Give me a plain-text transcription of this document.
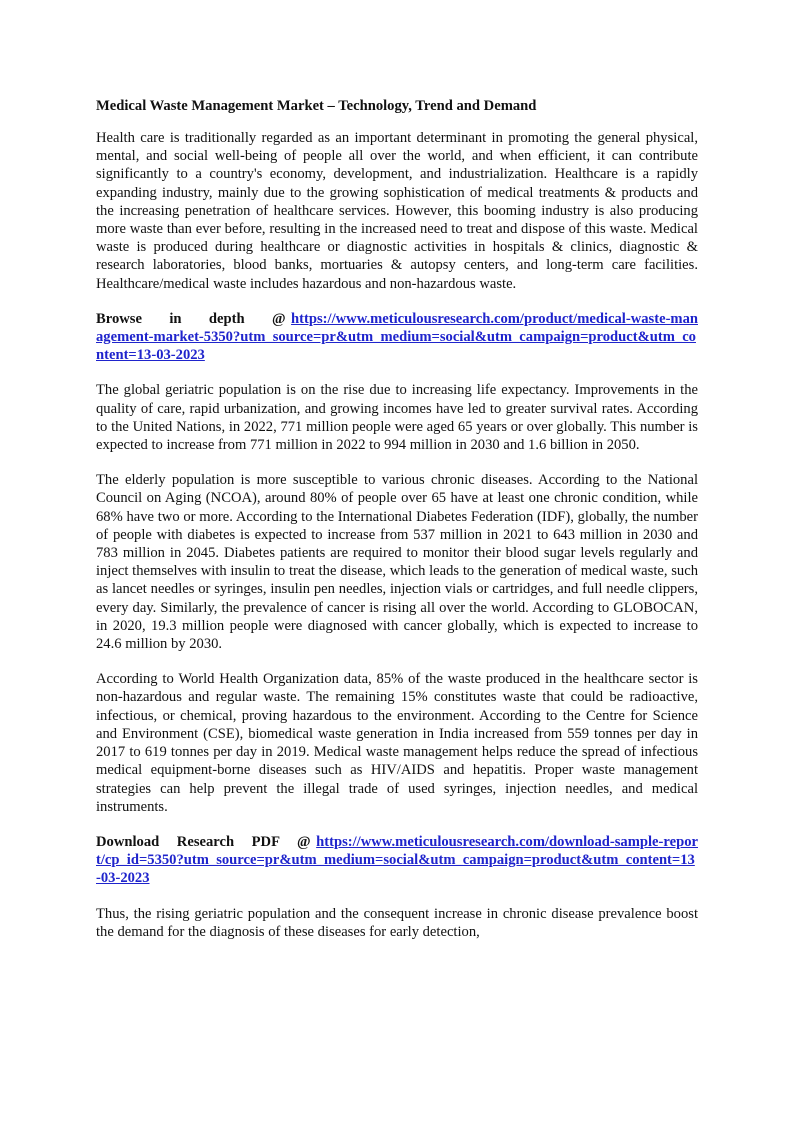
Medical Waste Management Market – Technology, Trend and Demand

Health care is traditionally regarded as an important determinant in promoting the general physical, mental, and social well-being of people all over the world, and when efficient, it can contribute significantly to a country's economy, development, and industrialization. Healthcare is a rapidly expanding industry, mainly due to the growing sophistication of medical treatments & products and the increasing penetration of healthcare services. However, this booming industry is also producing more waste than ever before, resulting in the increased need to treat and dispose of this waste. Medical waste is produced during healthcare or diagnostic activities in hospitals & clinics, diagnostic & research laboratories, blood banks, mortuaries & autopsy centers, and long-term care facilities. Healthcare/medical waste includes hazardous and non-hazardous waste.

Browse in depth @ https://www.meticulousresearch.com/product/medical-waste-management-market-5350?utm_source=pr&utm_medium=social&utm_campaign=product&utm_content=13-03-2023

The global geriatric population is on the rise due to increasing life expectancy. Improvements in the quality of care, rapid urbanization, and growing incomes have led to greater survival rates. According to the United Nations, in 2022, 771 million people were aged 65 years or over globally. This number is expected to increase from 771 million in 2022 to 994 million in 2030 and 1.6 billion in 2050.

The elderly population is more susceptible to various chronic diseases. According to the National Council on Aging (NCOA), around 80% of people over 65 have at least one chronic condition, while 68% have two or more. According to the International Diabetes Federation (IDF), globally, the number of people with diabetes is expected to increase from 537 million in 2021 to 643 million in 2030 and 783 million in 2045. Diabetes patients are required to monitor their blood sugar levels regularly and inject themselves with insulin to treat the disease, which leads to the generation of medical waste, such as lancet needles or syringes, insulin pen needles, injection vials or cartridges, and full needle clippers, every day. Similarly, the prevalence of cancer is rising all over the world. According to GLOBOCAN, in 2020, 19.3 million people were diagnosed with cancer globally, which is expected to increase to 24.6 million by 2030.

According to World Health Organization data, 85% of the waste produced in the healthcare sector is non-hazardous and regular waste. The remaining 15% constitutes waste that could be radioactive, infectious, or chemical, proving hazardous to the environment. According to the Centre for Science and Environment (CSE), biomedical waste generation in India increased from 559 tonnes per day in 2017 to 619 tonnes per day in 2019. Medical waste management helps reduce the spread of infectious medical equipment-borne diseases such as HIV/AIDS and hepatitis. Proper waste management strategies can help prevent the illegal trade of used syringes, injection needles, and medical instruments.

Download Research PDF @ https://www.meticulousresearch.com/download-sample-report/cp_id=5350?utm_source=pr&utm_medium=social&utm_campaign=product&utm_content=13-03-2023

Thus, the rising geriatric population and the consequent increase in chronic disease prevalence boost the demand for the diagnosis of these diseases for early detection,
